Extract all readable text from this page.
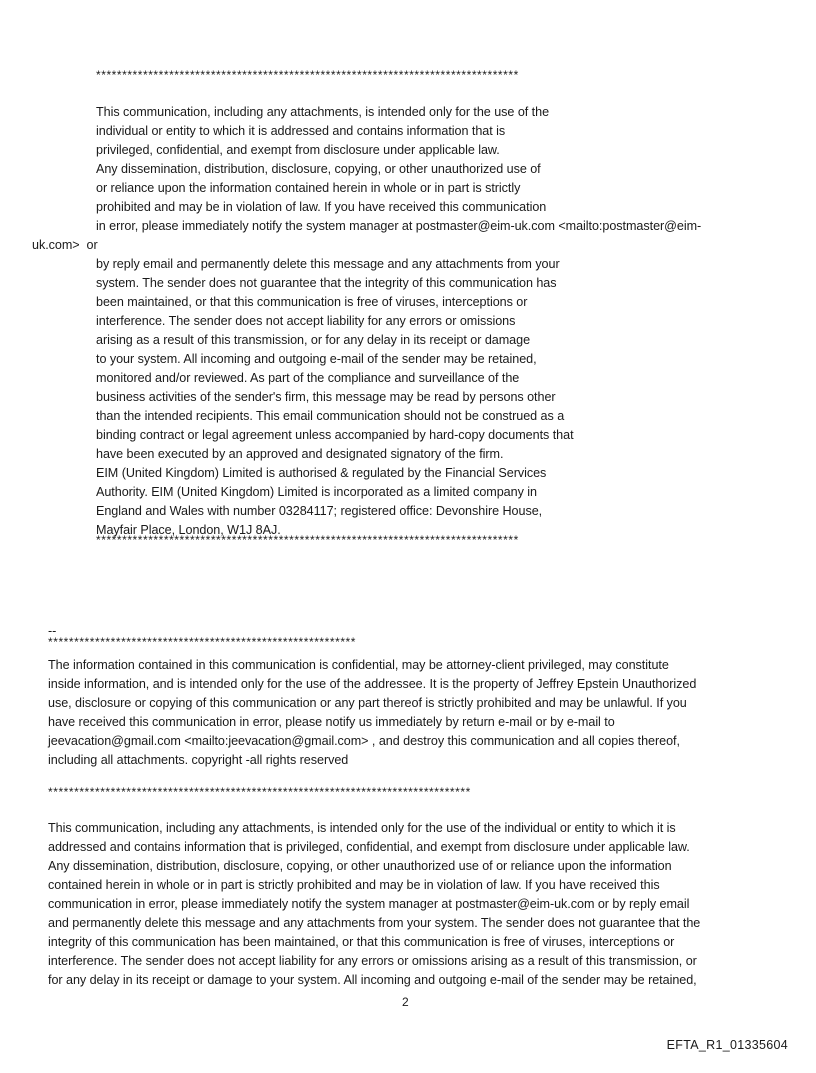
*********************************************************************************
This communication, including any attachments, is intended only for the use of the
individual or entity to which it is addressed and contains information that is
privileged, confidential, and exempt from disclosure under applicable law.
Any dissemination, distribution, disclosure, copying, or other unauthorized use of
or reliance upon the information contained herein in whole or in part is strictly
prohibited and may be in violation of law. If you have received this communication
in error, please immediately notify the system manager at postmaster@eim-uk.com <mailto:postmaster@eim-
uk.com>  or
by reply email and permanently delete this message and any attachments from your
system. The sender does not guarantee that the integrity of this communication has
been maintained, or that this communication is free of viruses, interceptions or
interference. The sender does not accept liability for any errors or omissions
arising as a result of this transmission, or for any delay in its receipt or damage
to your system. All incoming and outgoing e-mail of the sender may be retained,
monitored and/or reviewed. As part of the compliance and surveillance of the
business activities of the sender's firm, this message may be read by persons other
than the intended recipients. This email communication should not be construed as a
binding contract or legal agreement unless accompanied by hard-copy documents that
have been executed by an approved and designated signatory of the firm.
EIM (United Kingdom) Limited is authorised & regulated by the Financial Services
Authority. EIM (United Kingdom) Limited is incorporated as a limited company in
England and Wales with number 03284117; registered office: Devonshire House,
Mayfair Place, London, W1J 8AJ.
*********************************************************************************
--
***********************************************************
The information contained in this communication is confidential, may be attorney-client privileged, may constitute
inside information, and is intended only for the use of the addressee. It is the property of Jeffrey Epstein Unauthorized
use, disclosure or copying of this communication or any part thereof is strictly prohibited and may be unlawful. If you
have received this communication in error, please notify us immediately by return e-mail or by e-mail to
jeevacation@gmail.com <mailto:jeevacation@gmail.com> , and destroy this communication and all copies thereof,
including all attachments. copyright -all rights reserved
*********************************************************************************
This communication, including any attachments, is intended only for the use of the individual or entity to which it is
addressed and contains information that is privileged, confidential, and exempt from disclosure under applicable law.
Any dissemination, distribution, disclosure, copying, or other unauthorized use of or reliance upon the information
contained herein in whole or in part is strictly prohibited and may be in violation of law. If you have received this
communication in error, please immediately notify the system manager at postmaster@eim-uk.com or by reply email
and permanently delete this message and any attachments from your system. The sender does not guarantee that the
integrity of this communication has been maintained, or that this communication is free of viruses, interceptions or
interference. The sender does not accept liability for any errors or omissions arising as a result of this transmission, or
for any delay in its receipt or damage to your system. All incoming and outgoing e-mail of the sender may be retained,
2
EFTA_R1_01335604
